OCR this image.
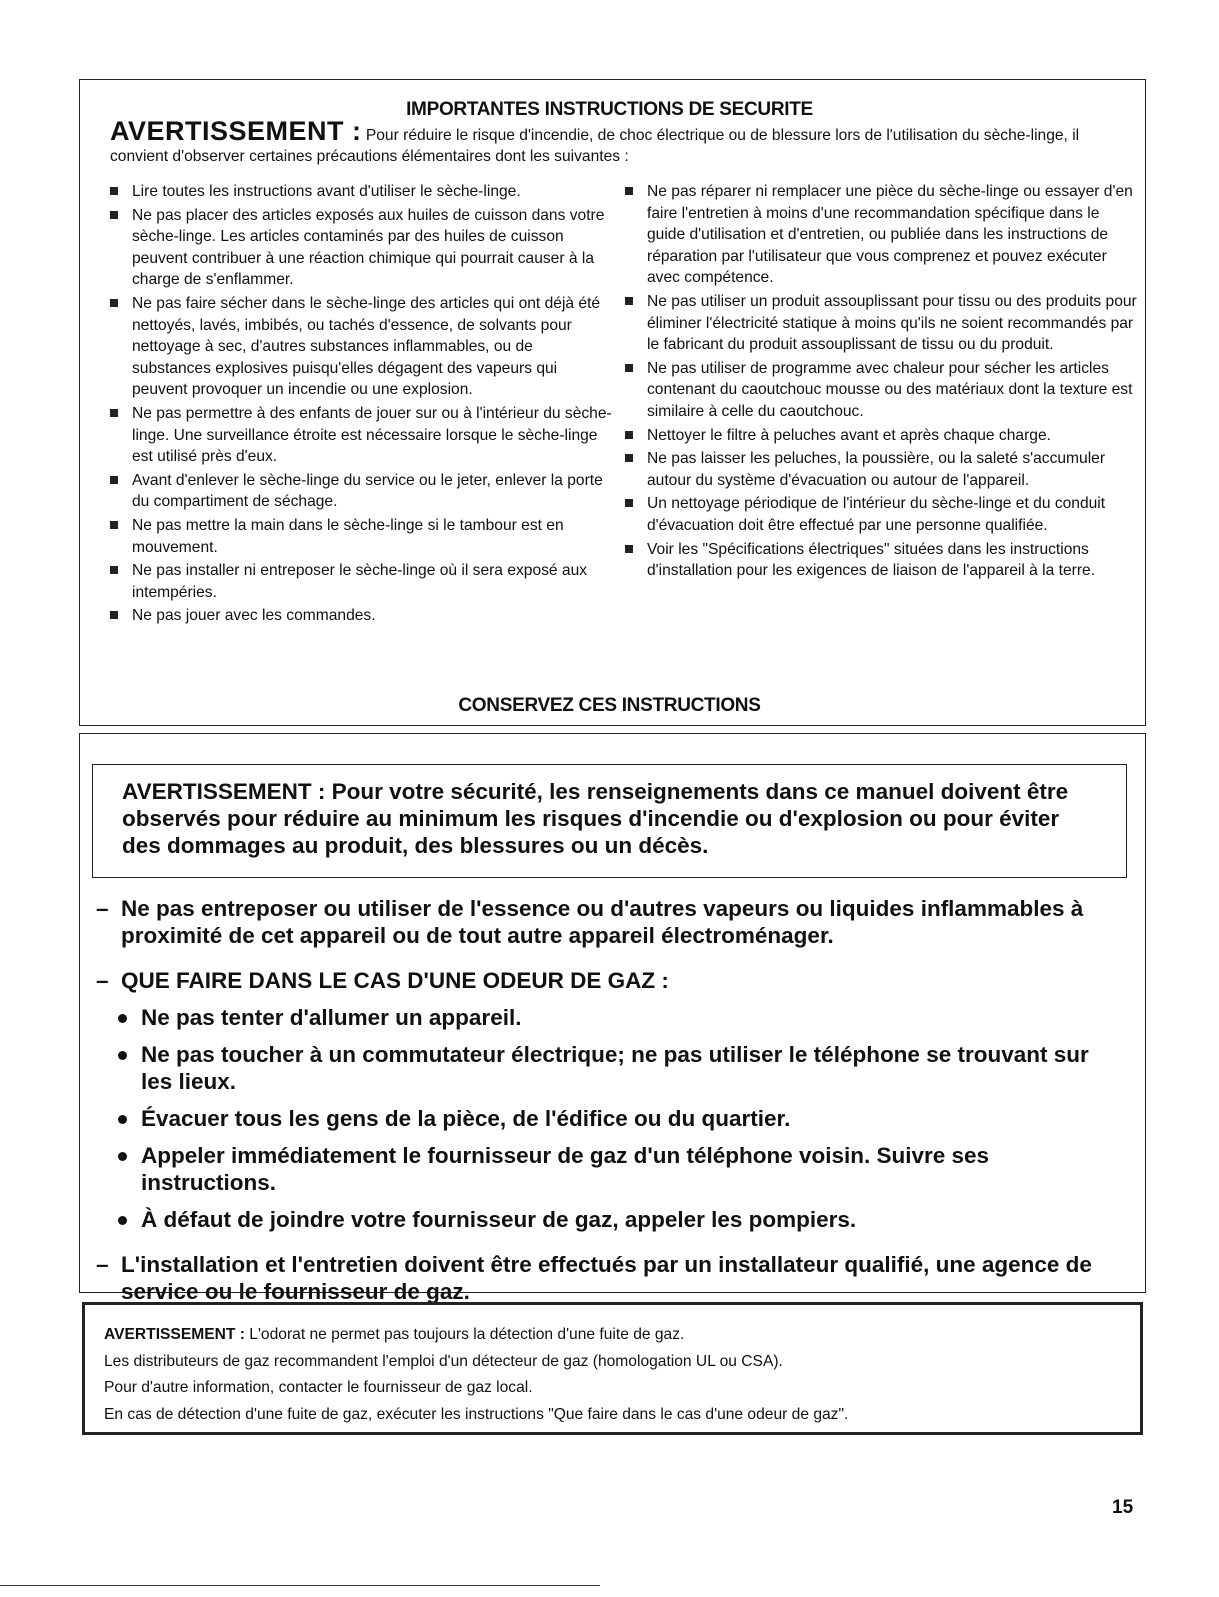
IMPORTANTES INSTRUCTIONS DE SECURITE
AVERTISSEMENT : Pour réduire le risque d'incendie, de choc électrique ou de blessure lors de l'utilisation du sèche-linge, il convient d'observer certaines précautions élémentaires dont les suivantes :
Lire toutes les instructions avant d'utiliser le sèche-linge.
Ne pas placer des articles exposés aux huiles de cuisson dans votre sèche-linge. Les articles contaminés par des huiles de cuisson peuvent contribuer à une réaction chimique qui pourrait causer à la charge de s'enflammer.
Ne pas faire sécher dans le sèche-linge des articles qui ont déjà été nettoyés, lavés, imbibés, ou tachés d'essence, de solvants pour nettoyage à sec, d'autres substances inflammables, ou de substances explosives puisqu'elles dégagent des vapeurs qui peuvent provoquer un incendie ou une explosion.
Ne pas permettre à des enfants de jouer sur ou à l'intérieur du sèche-linge. Une surveillance étroite est nécessaire lorsque le sèche-linge est utilisé près d'eux.
Avant d'enlever le sèche-linge du service ou le jeter, enlever la porte du compartiment de séchage.
Ne pas mettre la main dans le sèche-linge si le tambour est en mouvement.
Ne pas installer ni entreposer le sèche-linge où il sera exposé aux intempéries.
Ne pas jouer avec les commandes.
Ne pas réparer ni remplacer une pièce du sèche-linge ou essayer d'en faire l'entretien à moins d'une recommandation spécifique dans le guide d'utilisation et d'entretien, ou publiée dans les instructions de réparation par l'utilisateur que vous comprenez et pouvez exécuter avec compétence.
Ne pas utiliser un produit assouplissant pour tissu ou des produits pour éliminer l'électricité statique à moins qu'ils ne soient recommandés par le fabricant du produit assouplissant de tissu ou du produit.
Ne pas utiliser de programme avec chaleur pour sécher les articles contenant du caoutchouc mousse ou des matériaux dont la texture est similaire à celle du caoutchouc.
Nettoyer le filtre à peluches avant et après chaque charge.
Ne pas laisser les peluches, la poussière, ou la saleté s'accumuler autour du système d'évacuation ou autour de l'appareil.
Un nettoyage périodique de l'intérieur du sèche-linge et du conduit d'évacuation doit être effectué par une personne qualifiée.
Voir les "Spécifications électriques" situées dans les instructions d'installation pour les exigences de liaison de l'appareil à la terre.
CONSERVEZ CES INSTRUCTIONS
AVERTISSEMENT : Pour votre sécurité, les renseignements dans ce manuel doivent être observés pour réduire au minimum les risques d'incendie ou d'explosion ou pour éviter des dommages au produit, des blessures ou un décès.
– Ne pas entreposer ou utiliser de l'essence ou d'autres vapeurs ou liquides inflammables à proximité de cet appareil ou de tout autre appareil électroménager.
– QUE FAIRE DANS LE CAS D'UNE ODEUR DE GAZ :
Ne pas tenter d'allumer un appareil.
Ne pas toucher à un commutateur électrique; ne pas utiliser le téléphone se trouvant sur les lieux.
Évacuer tous les gens de la pièce, de l'édifice ou du quartier.
Appeler immédiatement le fournisseur de gaz d'un téléphone voisin. Suivre ses instructions.
À défaut de joindre votre fournisseur de gaz, appeler les pompiers.
– L'installation et l'entretien doivent être effectués par un installateur qualifié, une agence de service ou le fournisseur de gaz.
AVERTISSEMENT : L'odorat ne permet pas toujours la détection d'une fuite de gaz.
Les distributeurs de gaz recommandent l'emploi d'un détecteur de gaz (homologation UL ou CSA).
Pour d'autre information, contacter le fournisseur de gaz local.
En cas de détection d'une fuite de gaz, exécuter les instructions "Que faire dans le cas d'une odeur de gaz".
15
